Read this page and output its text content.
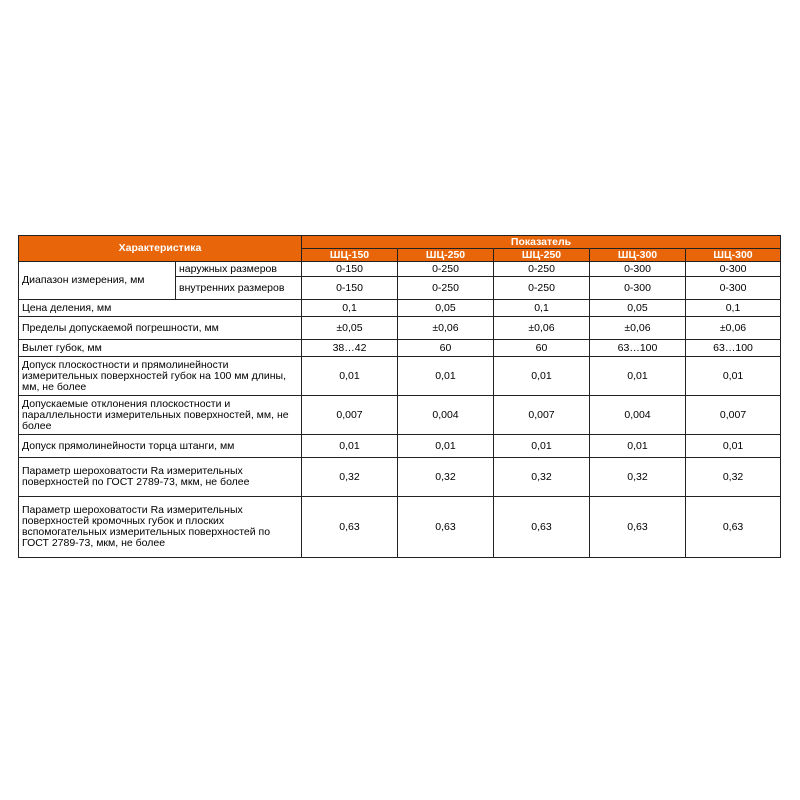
Характеристика		Показатель				
		ШЦ-150	ШЦ-250	ШЦ-250	ШЦ-300	ШЦ-300
Диапазон измерения, мм	наружных размеров	0-150	0-250	0-250	0-300	0-300
	внутренних размеров	0-150	0-250	0-250	0-300	0-300
Цена деления, мм		0,1	0,05	0,1	0,05	0,1
Пределы допускаемой погрешности, мм		±0,05	±0,06	±0,06	±0,06	±0,06
Вылет губок, мм		38…42	60	60	63…100	63…100
Допуск плоскостности и прямолинейности измерительных поверхностей губок на 100 мм длины, мм, не более		0,01	0,01	0,01	0,01	0,01
Допускаемые отклонения плоскостности и параллельности измерительных поверхностей, мм, не более		0,007	0,004	0,007	0,004	0,007
Допуск прямолинейности торца штанги, мм		0,01	0,01	0,01	0,01	0,01
Параметр шероховатости Ra измерительных поверхностей по ГОСТ 2789-73, мкм, не более		0,32	0,32	0,32	0,32	0,32
Параметр шероховатости Ra измерительных поверхностей кромочных губок и плоских вспомогательных измерительных поверхностей по ГОСТ 2789-73, мкм, не более		0,63	0,63	0,63	0,63	0,63
